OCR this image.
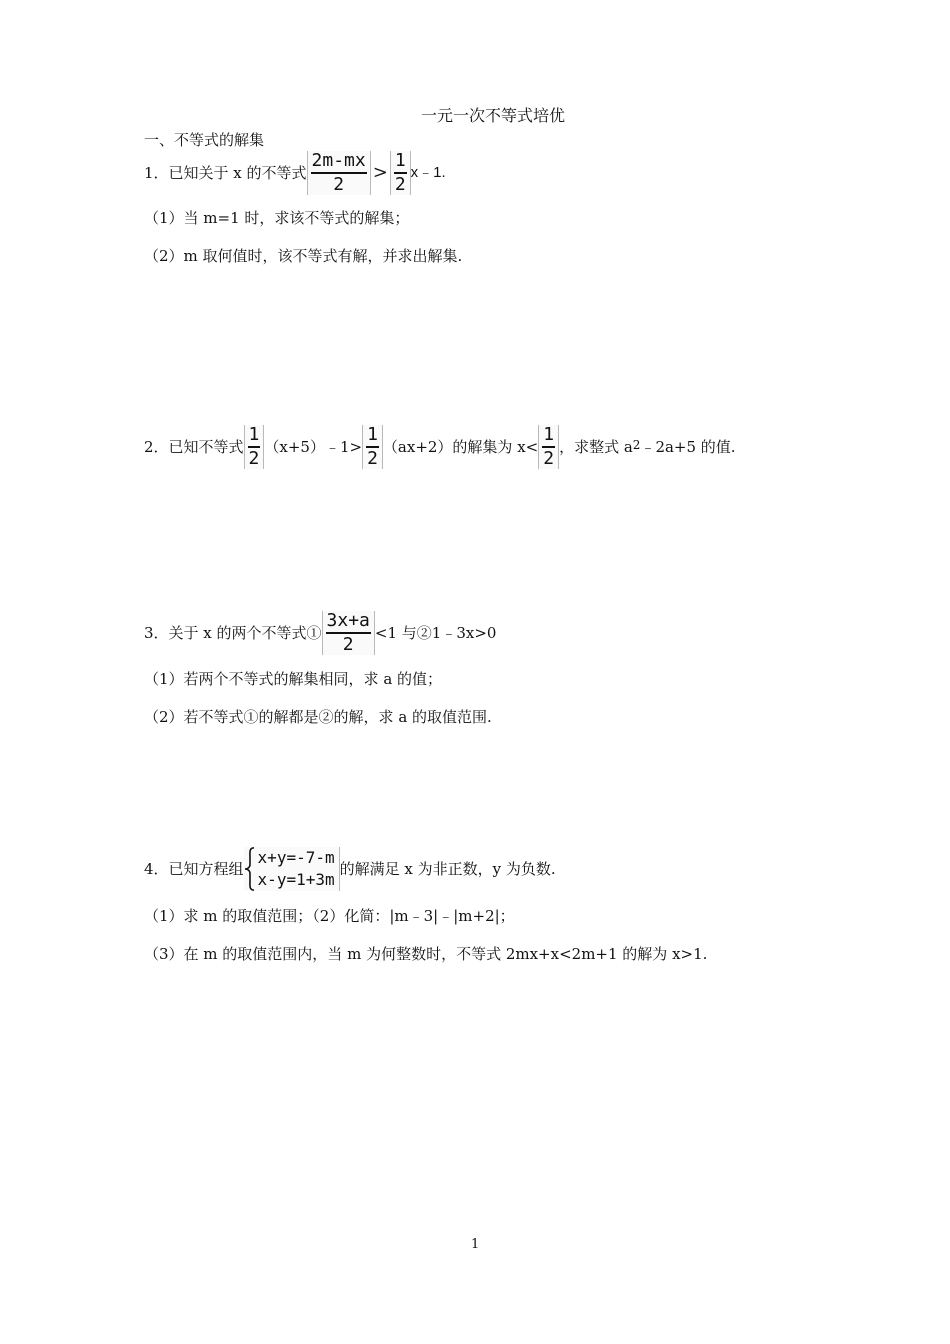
一元一次不等式培优
一、不等式的解集
1．已知关于 x 的不等式 $\frac{2m-mx}{2} > \frac{1}{2}$ x﹣1.
（1）当 m=1 时，求该不等式的解集；
（2）m 取何值时，该不等式有解，并求出解集.
2．已知不等式 $\frac{1}{2}$ （x+5）﹣1> $\frac{1}{2} (ax+2)$的解集为 $x< \frac{1}{2}$ ，求整式 $a^2$ ﹣2a+5 的值.
3．关于 x 的两个不等式① $\frac{3x+a}{2} <1$ 与②1﹣3x>0
（1）若两个不等式的解集相同，求 a 的值；
（2）若不等式①的解都是②的解，求 a 的取值范围.
4．已知方程组
x+y=-7-m
x-y=1+3m
的解满足 x 为非正数，y 为负数.
（1）求 m 的取值范围；（2）化简：|m﹣3|﹣|m+2|；
（3）在 m 的取值范围内，当 m 为何整数时，不等式 2mx+x<2m+1 的解为 x>1.
1
